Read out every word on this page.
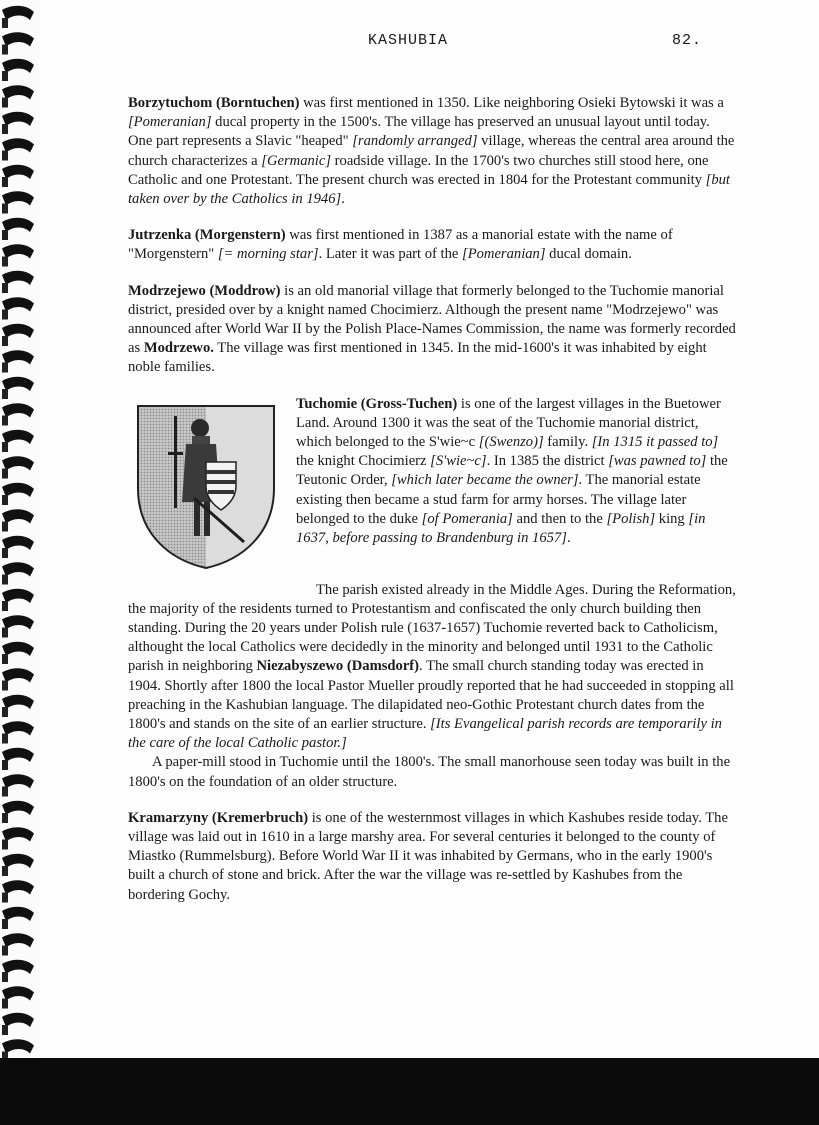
KASHUBIA	82.

Borzytuchom (Borntuchen) was first mentioned in 1350. Like neighboring Osieki Bytowski it was a [Pomeranian] ducal property in the 1500's. The village has preserved an unusual layout until today. One part represents a Slavic "heaped" [randomly arranged] village, whereas the central area around the church characterizes a [Germanic] roadside village. In the 1700's two churches still stood here, one Catholic and one Protestant. The present church was erected in 1804 for the Protestant community [but taken over by the Catholics in 1946].

Jutrzenka (Morgenstern) was first mentioned in 1387 as a manorial estate with the name of "Morgenstern" [= morning star]. Later it was part of the [Pomeranian] ducal domain.

Modrzejewo (Moddrow) is an old manorial village that formerly belonged to the Tuchomie manorial district, presided over by a knight named Chocimierz. Although the present name "Modrzejewo" was announced after World War II by the Polish Place-Names Commission, the name was formerly recorded as Modrzewo. The village was first mentioned in 1345. In the mid-1600's it was inhabited by eight noble families.

Tuchomie (Gross-Tuchen) is one of the largest villages in the Buetower Land. Around 1300 it was the seat of the Tuchomie manorial district, which belonged to the S'wie~c [(Swenzo)] family. [In 1315 it passed to] the knight Chocimierz [S'wie~c]. In 1385 the district [was pawned to] the Teutonic Order, [which later became the owner]. The manorial estate existing then became a stud farm for army horses. The village later belonged to the duke [of Pomerania] and then to the [Polish] king [in 1637, before passing to Brandenburg in 1657].

The parish existed already in the Middle Ages. During the Reformation, the majority of the residents turned to Protestantism and confiscated the only church building then standing. During the 20 years under Polish rule (1637-1657) Tuchomie reverted back to Catholicism, althought the local Catholics were decidedly in the minority and belonged until 1931 to the Catholic parish in neighboring Niezabyszewo (Damsdorf). The small church standing today was erected in 1904. Shortly after 1800 the local Pastor Mueller proudly reported that he had succeeded in stopping all preaching in the Kashubian language. The dilapidated neo-Gothic Protestant church dates from the 1800's and stands on the site of an earlier structure. [Its Evangelical parish records are temporarily in the care of the local Catholic pastor.]

A paper-mill stood in Tuchomie until the 1800's. The small manorhouse seen today was built in the 1800's on the foundation of an older structure.

Kramarzyny (Kremerbruch) is one of the westernmost villages in which Kashubes reside today. The village was laid out in 1610 in a large marshy area. For several centuries it belonged to the county of Miastko (Rummelsburg). Before World War II it was inhabited by Germans, who in the early 1900's built a church of stone and brick. After the war the village was re-settled by Kashubes from the bordering Gochy.
